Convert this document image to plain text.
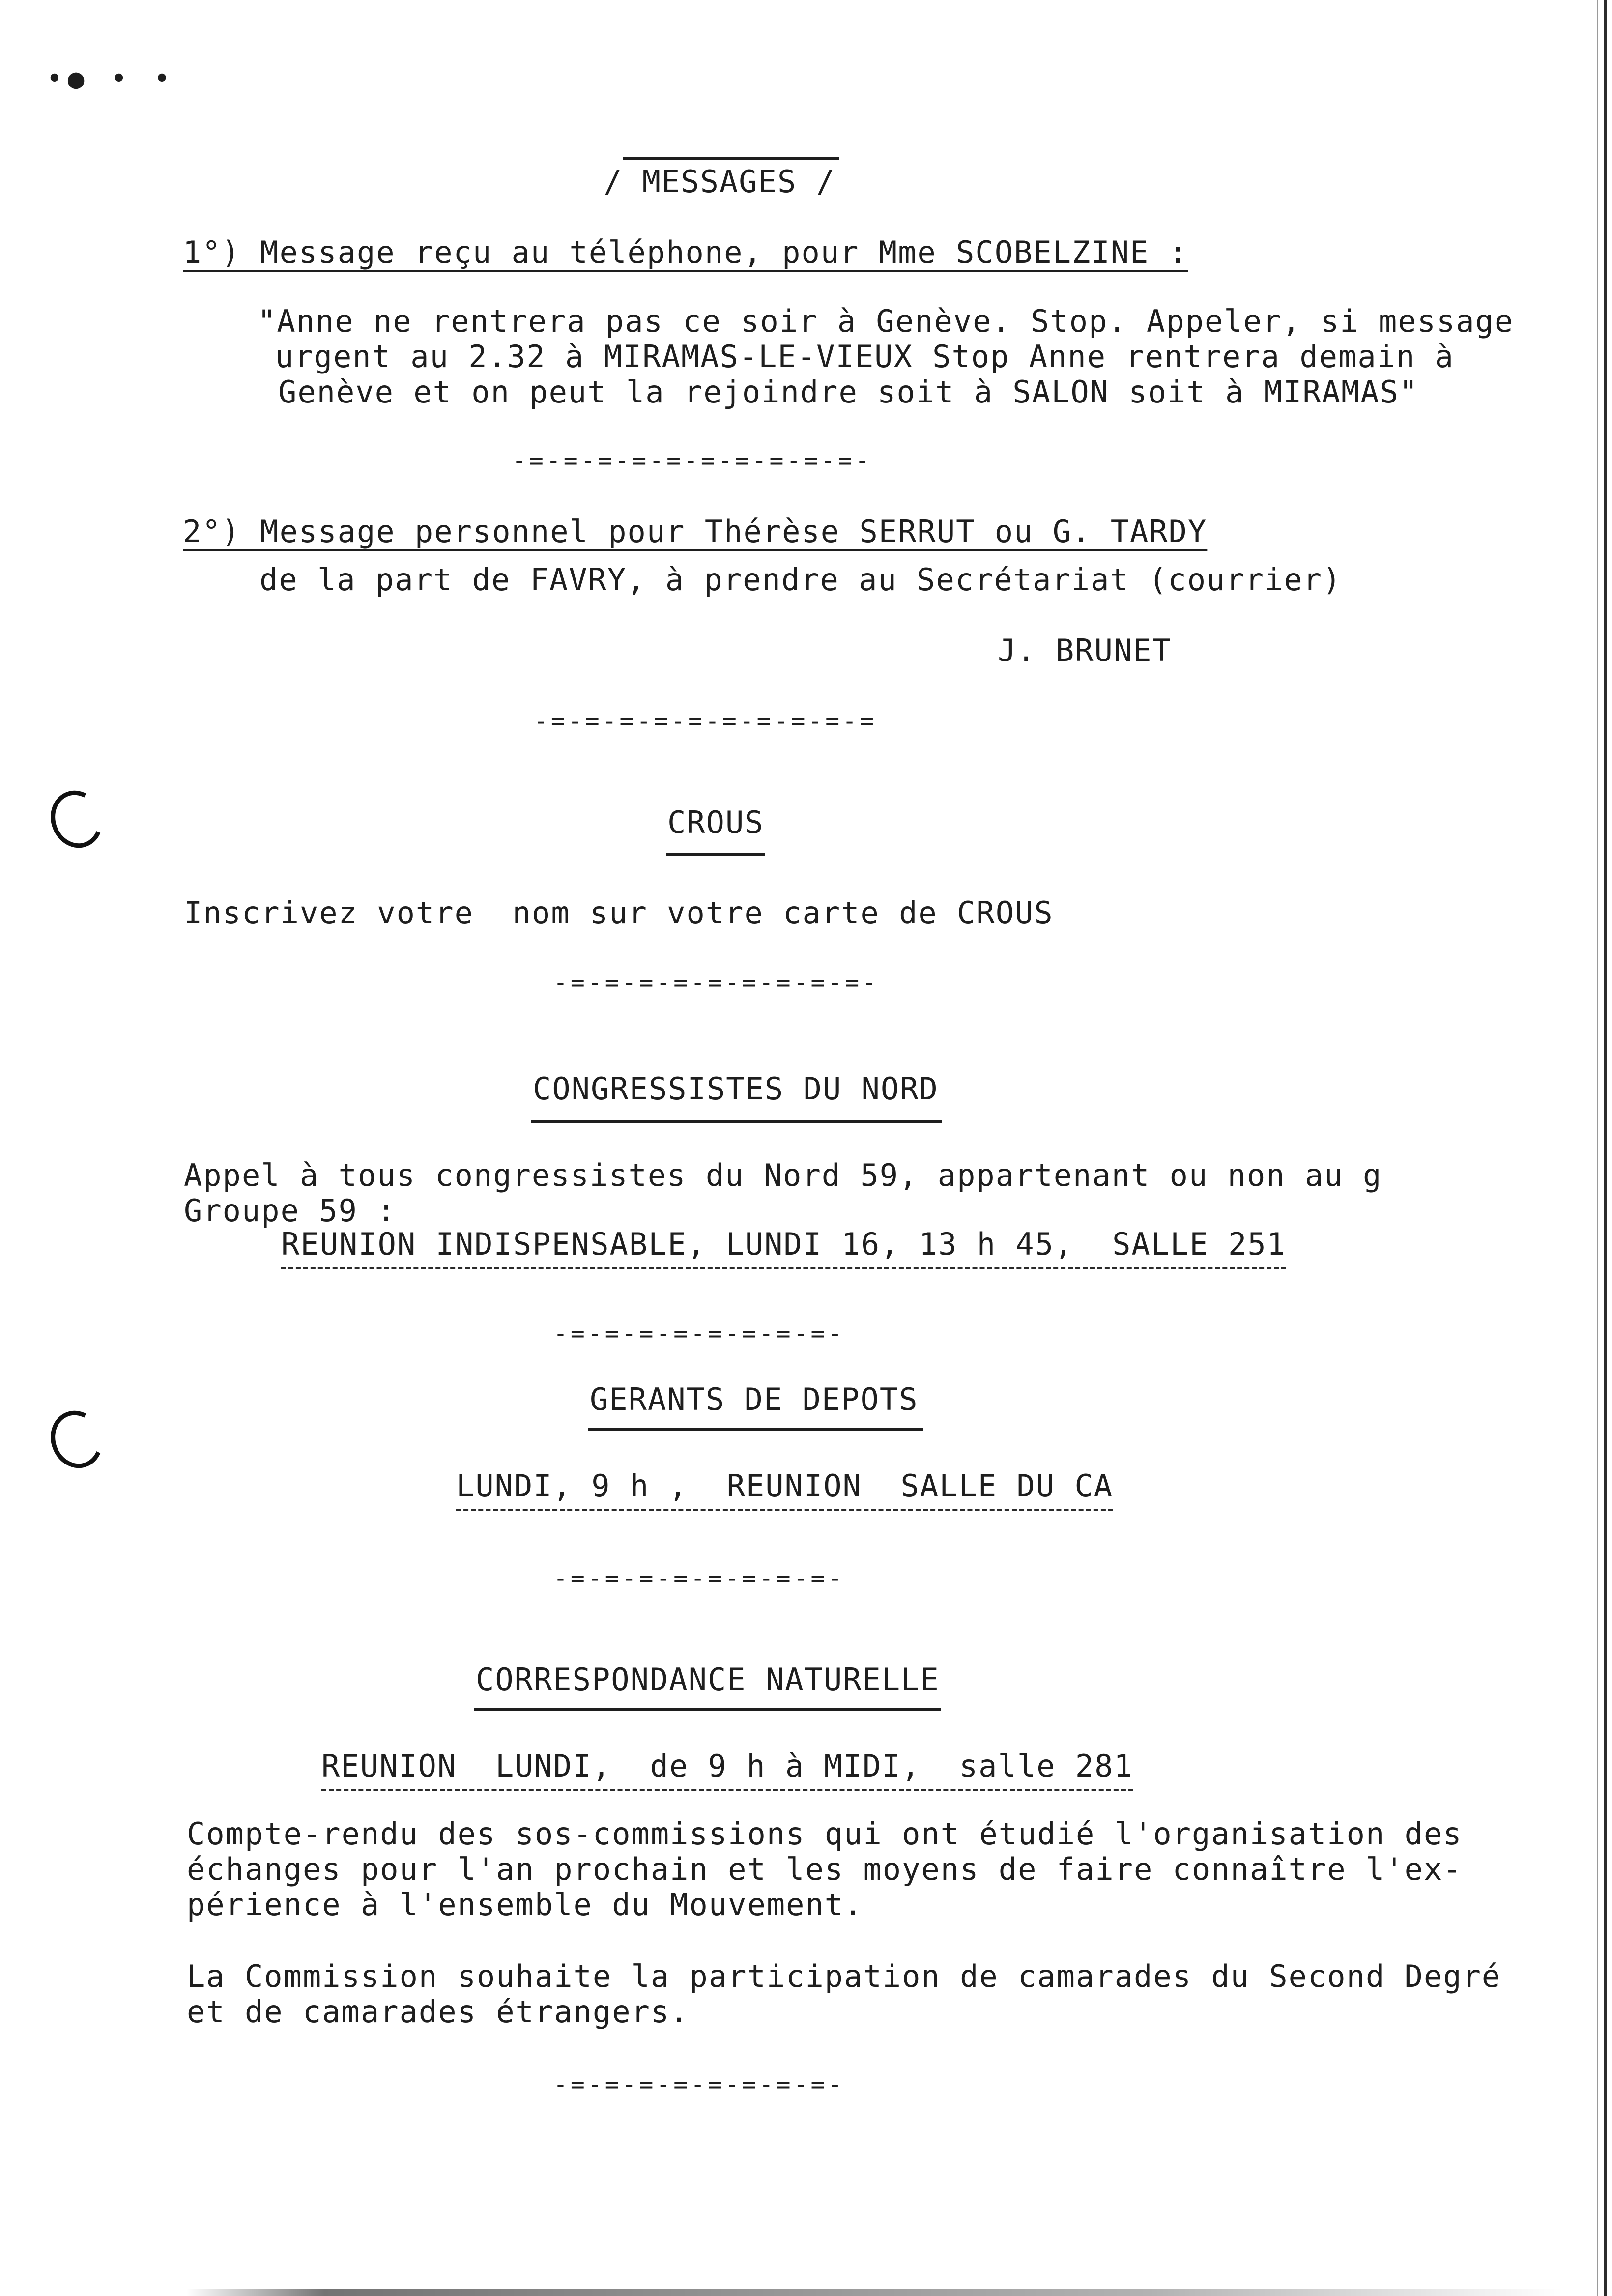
•● • •
/ MESSAGES /
1°) Message reçu au téléphone, pour Mme SCOBELZINE :
"Anne ne rentrera pas ce soir à Genève. Stop. Appeler, si message
urgent au 2.32 à MIRAMAS-LE-VIEUX Stop Anne rentrera demain à
Genève et on peut la rejoindre soit à SALON soit à MIRAMAS"
-=-=-=-=-=-=-=-=-=-=-
2°) Message personnel pour Thérèse SERRUT ou G. TARDY
de la part de FAVRY, à prendre au Secrétariat (courrier)
J. BRUNET
-=-=-=-=-=-=-=-=-=-=
CROUS
Inscrivez votre  nom sur votre carte de CROUS
-=-=-=-=-=-=-=-=-=-
CONGRESSISTES DU NORD
Appel à tous congressistes du Nord 59, appartenant ou non au g
Groupe 59 :
REUNION INDISPENSABLE, LUNDI 16, 13 h 45,  SALLE 251
-=-=-=-=-=-=-=-=-
GERANTS DE DEPOTS
LUNDI, 9 h ,  REUNION  SALLE DU CA
-=-=-=-=-=-=-=-=-
CORRESPONDANCE NATURELLE
REUNION  LUNDI,  de 9 h à MIDI,  salle 281
Compte-rendu des sos-commissions qui ont étudié l'organisation des
échanges pour l'an prochain et les moyens de faire connaître l'ex-
périence à l'ensemble du Mouvement.
La Commission souhaite la participation de camarades du Second Degré
et de camarades étrangers.
-=-=-=-=-=-=-=-=-
